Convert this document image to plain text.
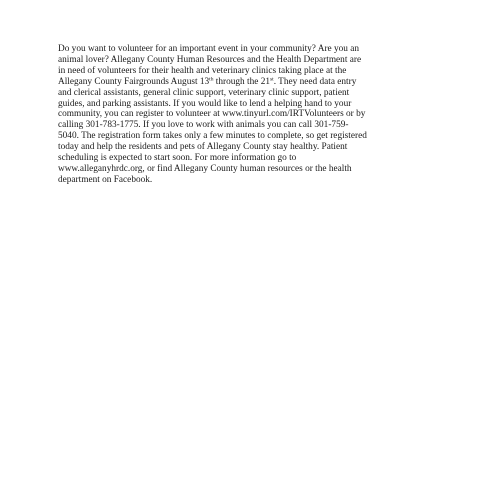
Do you want to volunteer for an important event in your community? Are you an
animal lover? Allegany County Human Resources and the Health Department are
in need of volunteers for their health and veterinary clinics taking place at the
Allegany County Fairgrounds August 13th through the 21st. They need data entry
and clerical assistants, general clinic support, veterinary clinic support, patient
guides, and parking assistants. If you would like to lend a helping hand to your
community, you can register to volunteer at www.tinyurl.com/IRTVolunteers or by
calling 301-783-1775. If you love to work with animals you can call 301-759-
5040. The registration form takes only a few minutes to complete, so get registered
today and help the residents and pets of Allegany County stay healthy. Patient
scheduling is expected to start soon. For more information go to
www.alleganyhrdc.org, or find Allegany County human resources or the health
department on Facebook.
